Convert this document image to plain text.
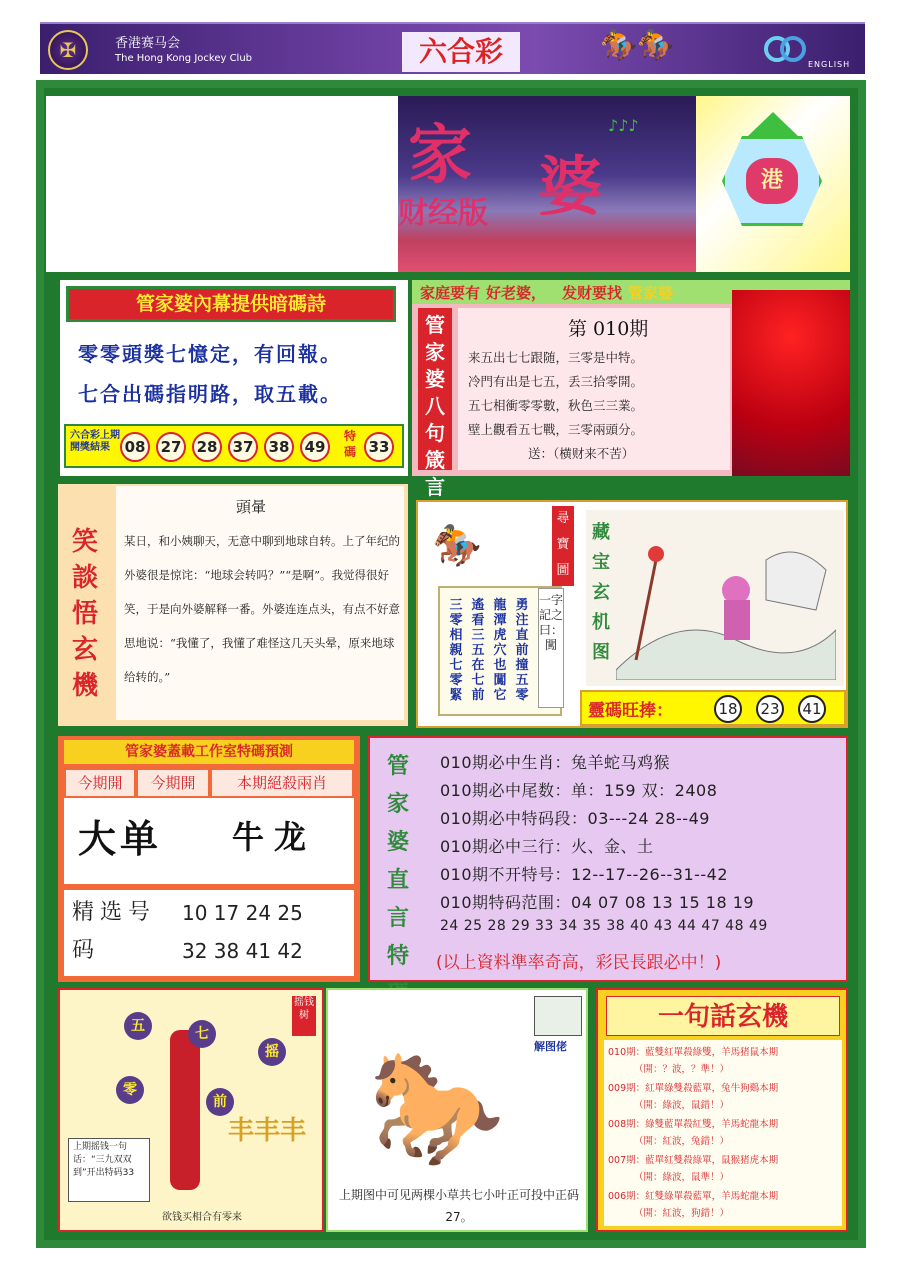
✠	香港赛马会
The Hong Kong Jockey Club	六合彩	🏇🏇
ENGLISH
家 婆
财经版
♪♪♪
港
管家婆內幕提供暗碼詩
零零頭獎七憶定，有回報。
七合出碼指明路，取五載。
六合彩上期開獎結果 08	27	28	37	38	49
特碼 33
家庭要有 好老婆， 发财要找 管家婆
管家婆八句箴言
第 010期
来五出七七跟随，三零是中特。
冷門有出是七五，丢三拾零開。
五七相衝零零數，秋色三三業。
壁上觀看五七戰，三零兩頭分。
送：（横财来不苦）
笑談悟玄機
頭暈
某日，和小姨聊天，无意中聊到地球自转。上了年纪的外婆很是惊诧：“地球会转吗？”“是啊”。我觉得很好笑，于是向外婆解释一番。外婆连连点头，有点不好意思地说：“我懂了，我懂了难怪这几天头晕，原来地球给转的。”
🏇
尋寶圖
勇注直前撞五零
龍潭虎穴也闖它
遙看三五在七前
三零相親七零緊
一字記之曰：闖
藏宝玄机图
靈碼旺捧：	18 23 41
管家婆蓋載工作室特碼預測
今期開	今期開	本期絕殺兩肖
大单 牛龙
精选号码
10 17 24 25
32 38 41 42
管家婆直言特
010期必中生肖：兔羊蛇马鸡猴
010期必中尾数：单：159 双：2408
010期必中特码段：03---24 28--49
010期必中三行：火、金、土
010期不开特号：12--17--26--31--42
010期特码范围：04 07 08 13 15 18 19
24 25 28 29 33 34 35 38 40 43 44 47 48 49
(以上資料準率奇高，彩民長跟必中！)
摇钱树
五	七
零
前
摇
丰丰丰
上期摇钱一句话：“三九双双到”开出特码33
欲钱买相合有零来
🐎	解图佬
上期图中可见两棵小草共七小叶正可投中正码27。
一句話玄機
010期：藍雙紅單殺綠雙，羊馬猪鼠本期
（開：？波，？準！）
009期：紅單綠雙殺藍單，兔牛狗鷄本期
（開：綠波，鼠錯！）
008期：綠雙藍單殺紅雙，羊馬蛇龍本期
（開：紅波，兔錯！）
007期：藍單紅雙殺綠單，鼠猴猪虎本期
（開：綠波，鼠準！）
006期：紅雙綠單殺藍單，羊馬蛇龍本期
（開：紅波，狗錯！）
